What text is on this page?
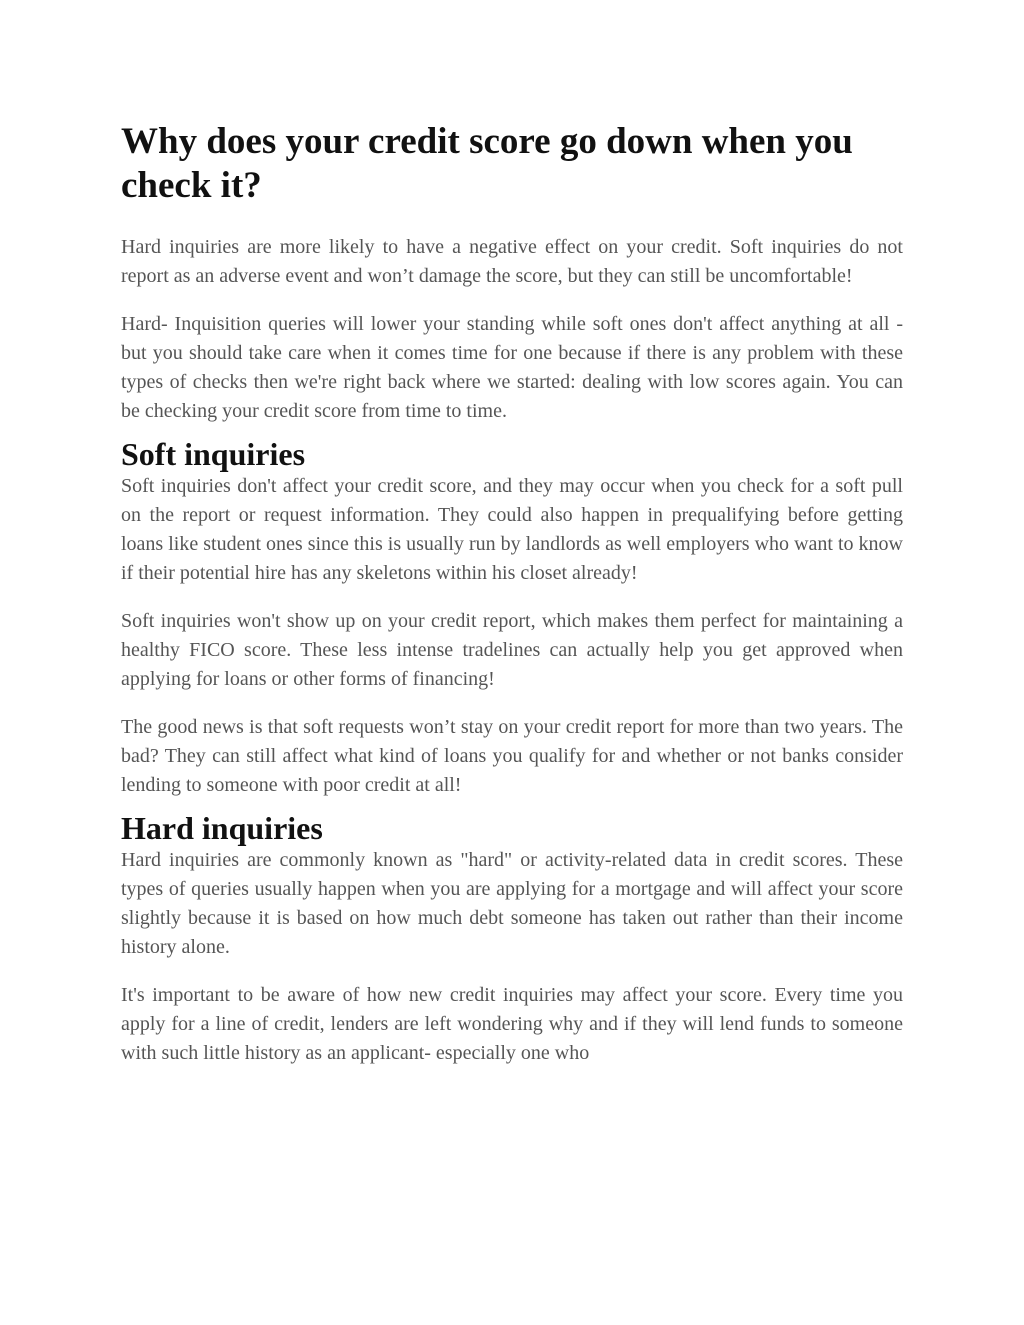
Why does your credit score go down when you check it?

Hard inquiries are more likely to have a negative effect on your credit. Soft inquiries do not report as an adverse event and won’t damage the score, but they can still be uncomfortable!

Hard- Inquisition queries will lower your standing while soft ones don't affect anything at all - but you should take care when it comes time for one because if there is any problem with these types of checks then we're right back where we started: dealing with low scores again. You can be checking your credit score from time to time.

Soft inquiries

Soft inquiries don't affect your credit score, and they may occur when you check for a soft pull on the report or request information. They could also happen in prequalifying before getting loans like student ones since this is usually run by landlords as well employers who want to know if their potential hire has any skeletons within his closet already!

Soft inquiries won't show up on your credit report, which makes them perfect for maintaining a healthy FICO score. These less intense tradelines can actually help you get approved when applying for loans or other forms of financing!

The good news is that soft requests won’t stay on your credit report for more than two years. The bad? They can still affect what kind of loans you qualify for and whether or not banks consider lending to someone with poor credit at all!

Hard inquiries

Hard inquiries are commonly known as "hard" or activity-related data in credit scores. These types of queries usually happen when you are applying for a mortgage and will affect your score slightly because it is based on how much debt someone has taken out rather than their income history alone.

It's important to be aware of how new credit inquiries may affect your score. Every time you apply for a line of credit, lenders are left wondering why and if they will lend funds to someone with such little history as an applicant- especially one who
